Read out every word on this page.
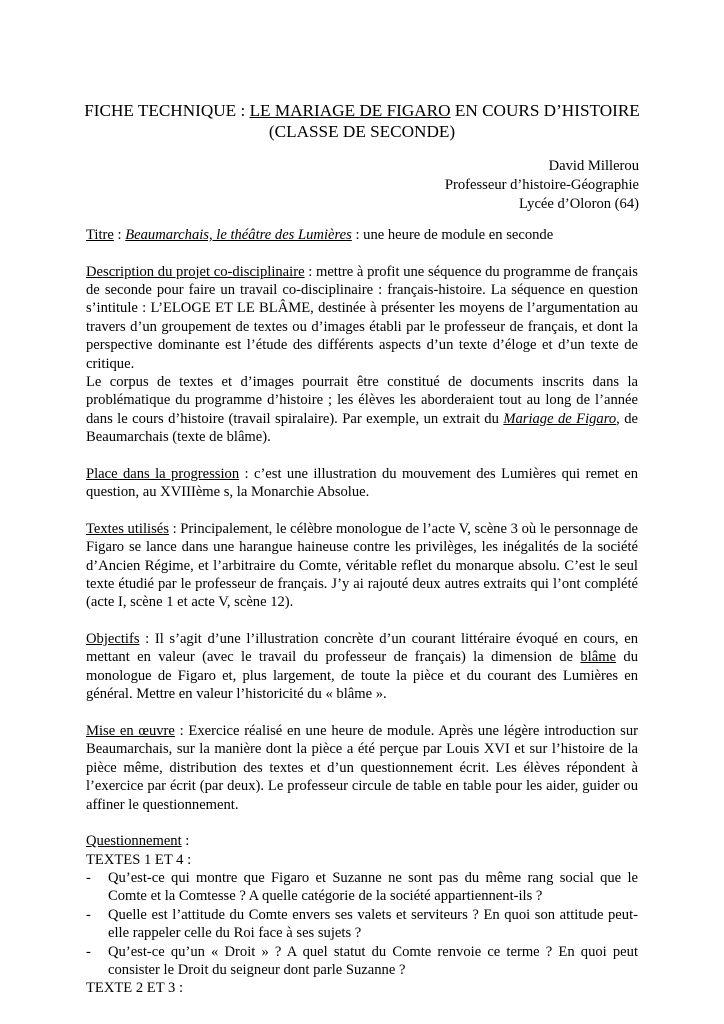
FICHE TECHNIQUE : LE MARIAGE DE FIGARO EN COURS D’HISTOIRE
(CLASSE DE SECONDE)
David Millerou
Professeur d’histoire-Géographie
Lycée d’Oloron (64)

Titre : Beaumarchais, le théâtre des Lumières : une heure de module en seconde

Description du projet co-disciplinaire : mettre à profit une séquence du programme de français de seconde pour faire un travail co-disciplinaire : français-histoire. La séquence en question s’intitule : L’ELOGE ET LE BLÂME, destinée à présenter les moyens de l’argumentation au travers d’un groupement de textes ou d’images établi par le professeur de français, et dont la perspective dominante est l’étude des différents aspects d’un texte d’éloge et d’un texte de critique.
Le corpus de textes et d’images pourrait être constitué de documents inscrits dans la problématique du programme d’histoire ; les élèves les aborderaient tout au long de l’année dans le cours d’histoire (travail spiralaire). Par exemple, un extrait du Mariage de Figaro, de Beaumarchais (texte de blâme).

Place dans la progression : c’est une illustration du mouvement des Lumières qui remet en question, au XVIIIème s, la Monarchie Absolue.

Textes utilisés : Principalement, le célèbre monologue de l’acte V, scène 3 où le personnage de Figaro se lance dans une harangue haineuse contre les privilèges, les inégalités de la société d’Ancien Régime, et l’arbitraire du Comte, véritable reflet du monarque absolu. C’est le seul texte étudié par le professeur de français. J’y ai rajouté deux autres extraits qui l’ont complété (acte I, scène 1 et acte V, scène 12).

Objectifs : Il s’agit d’une l’illustration concrète d’un courant littéraire évoqué en cours, en mettant en valeur (avec le travail du professeur de français) la dimension de blâme du monologue de Figaro et, plus largement, de toute la pièce et du courant des Lumières en général. Mettre en valeur l’historicité du « blâme ».

Mise en œuvre : Exercice réalisé en une heure de module. Après une légère introduction sur Beaumarchais, sur la manière dont la pièce a été perçue par Louis XVI et sur l’histoire de la pièce même, distribution des textes et d’un questionnement écrit. Les élèves répondent à l’exercice par écrit (par deux). Le professeur circule de table en table pour les aider, guider ou affiner le questionnement.

Questionnement :

TEXTES 1 ET 4 :

- Qu’est-ce qui montre que Figaro et Suzanne ne sont pas du même rang social que le Comte et la Comtesse ? A quelle catégorie de la société appartiennent-ils ?
- Quelle est l’attitude du Comte envers ses valets et serviteurs ? En quoi son attitude peut-elle rappeler celle du Roi face à ses sujets ?
- Qu’est-ce qu’un « Droit » ? A quel statut du Comte renvoie ce terme ? En quoi peut consister le Droit du seigneur dont parle Suzanne ?

TEXTE 2 ET 3 :
